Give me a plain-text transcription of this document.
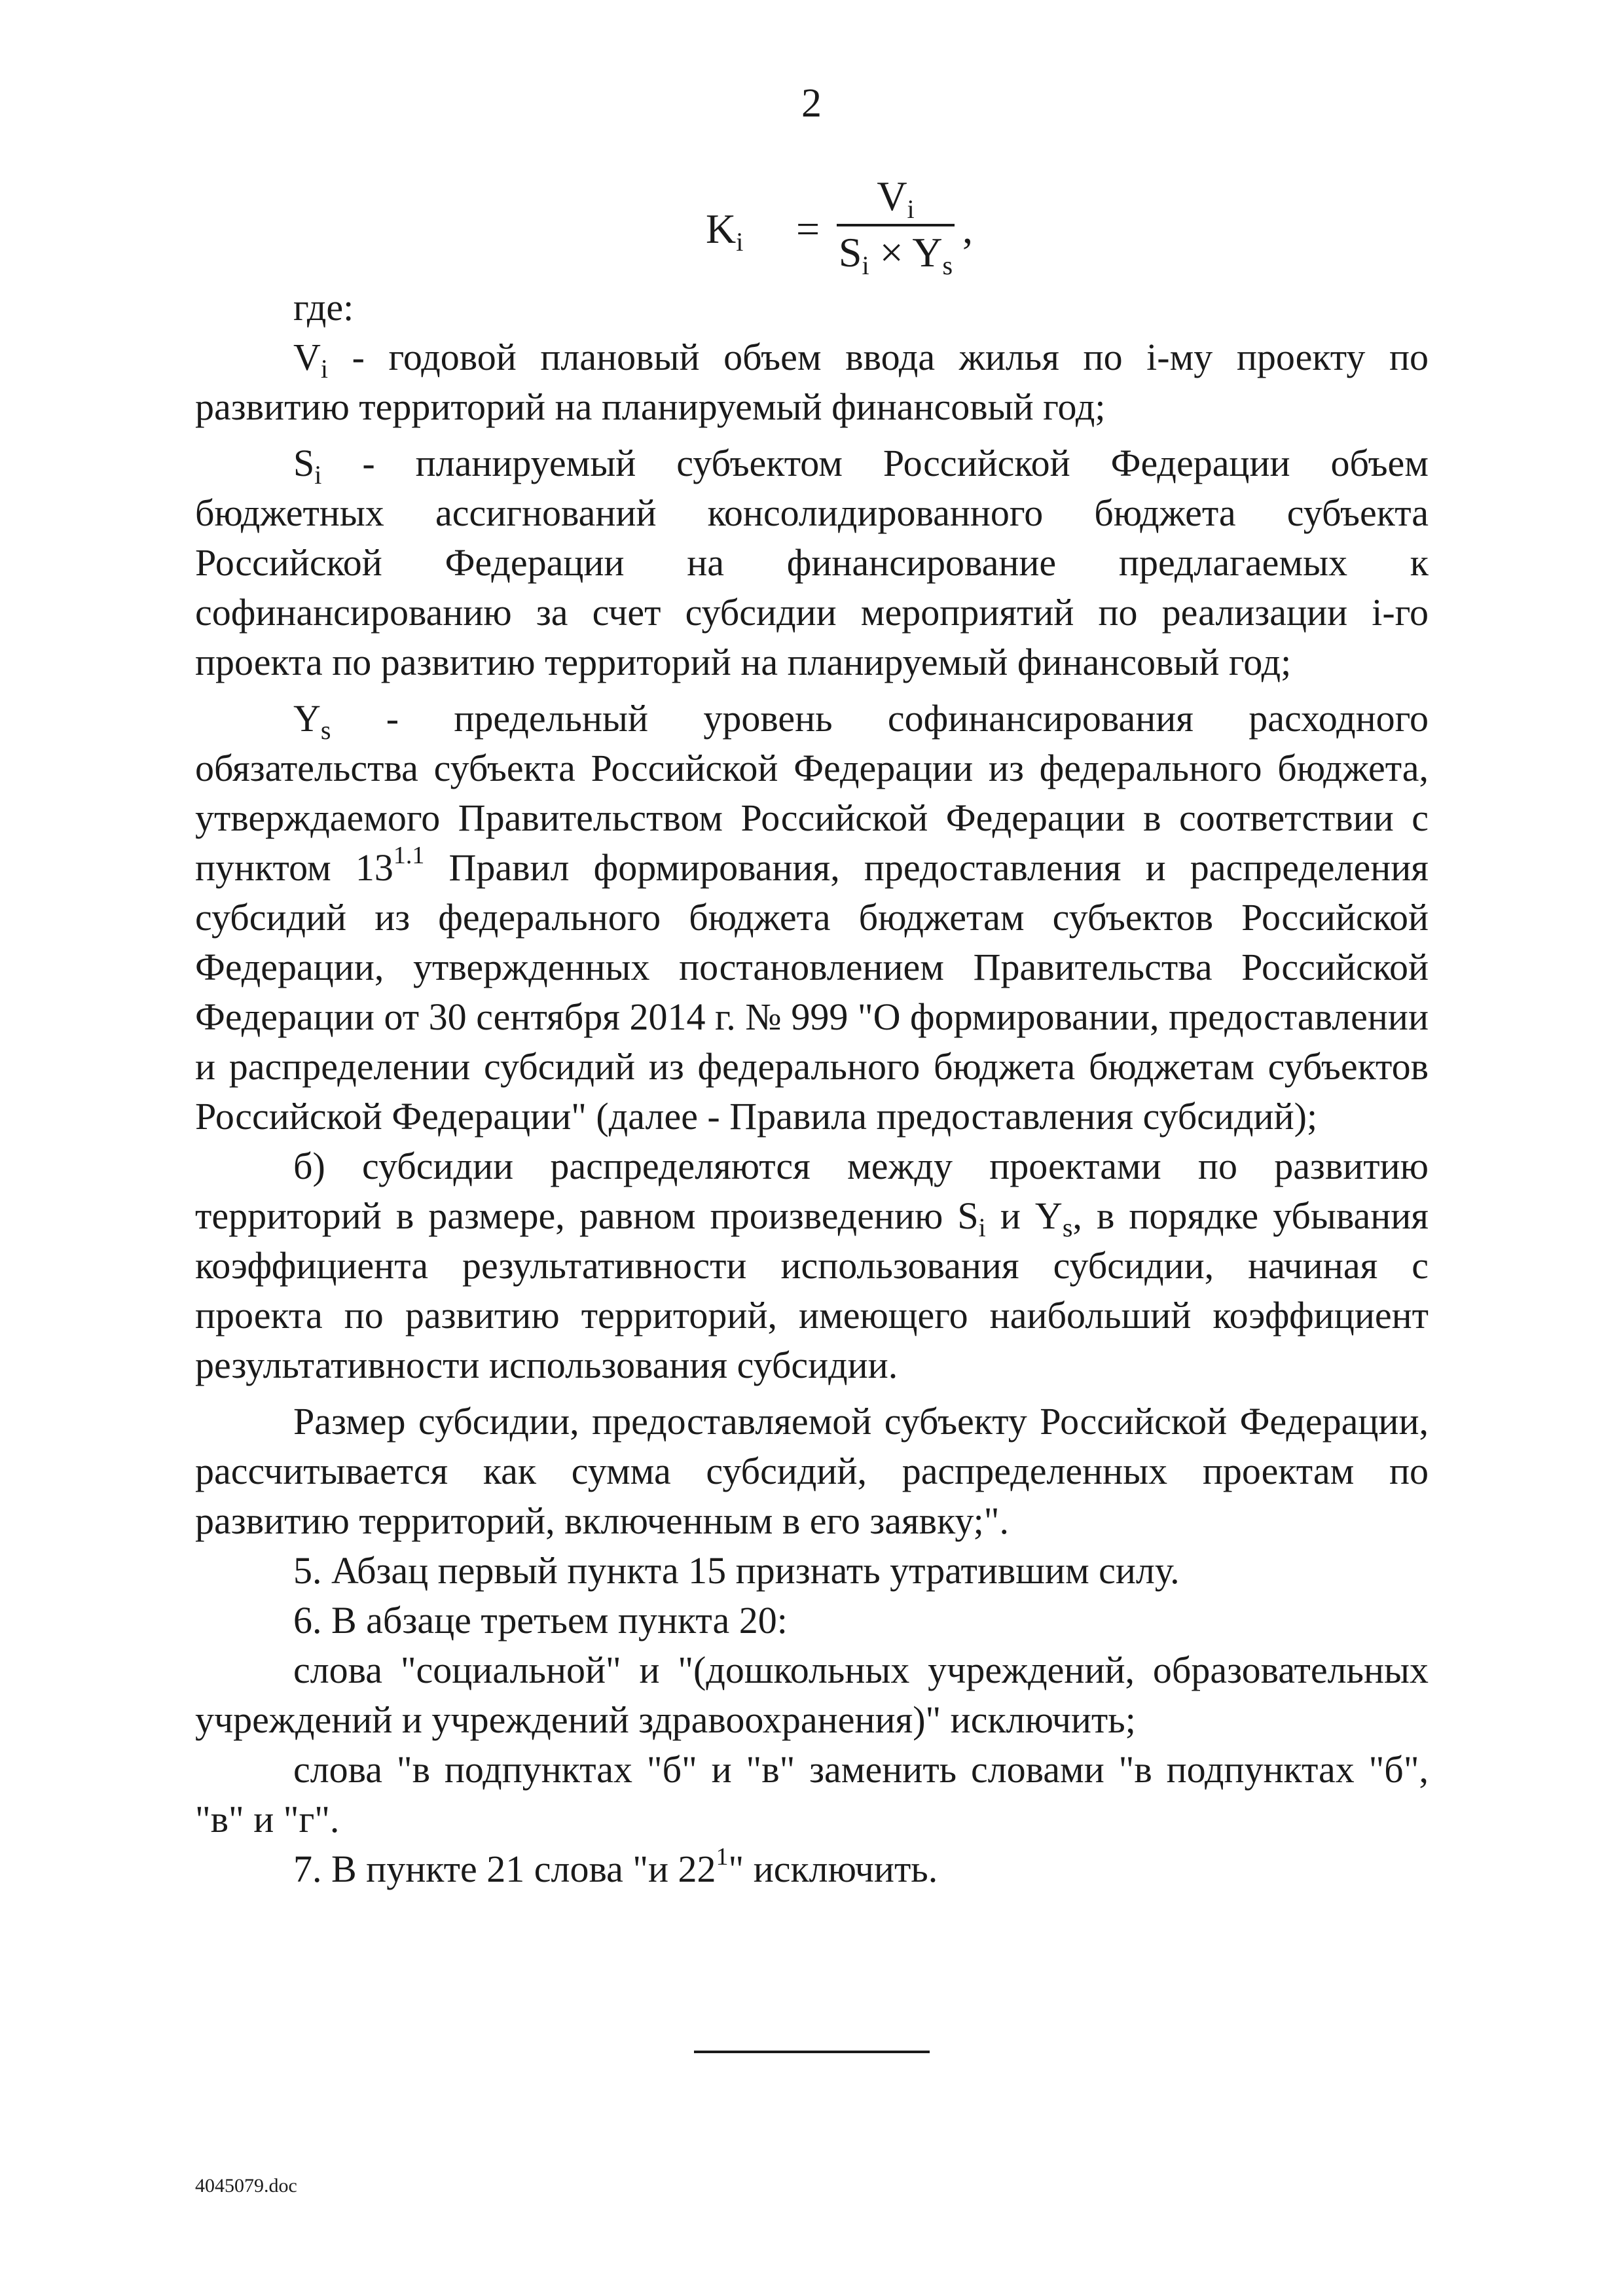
2
$K_i$ =
$V_i$
$S_i \times Y_s$
,

где:

$V_i$ - годовой плановый объем ввода жилья по i-му проекту по развитию территорий на планируемый финансовый год;

$S_i$ - планируемый субъектом Российской Федерации объем бюджетных ассигнований консолидированного бюджета субъекта Российской Федерации на финансирование предлагаемых к софинансированию за счет субсидии мероприятий по реализации i-го проекта по развитию территорий на планируемый финансовый год;

$Y_s$ - предельный уровень софинансирования расходного обязательства субъекта Российской Федерации из федерального бюджета, утверждаемого Правительством Российской Федерации в соответствии с пунктом $13^{1.1}$ Правил формирования, предоставления и распределения субсидий из федерального бюджета бюджетам субъектов Российской Федерации, утвержденных постановлением Правительства Российской Федерации от 30 сентября 2014 г. № 999 "О формировании, предоставлении и распределении субсидий из федерального бюджета бюджетам субъектов Российской Федерации" (далее - Правила предоставления субсидий);

б) субсидии распределяются между проектами по развитию территорий в размере, равном произведению $S_i$ и $Y_s$, в порядке убывания коэффициента результативности использования субсидии, начиная с проекта по развитию территорий, имеющего наибольший коэффициент результативности использования субсидии.

Размер субсидии, предоставляемой субъекту Российской Федерации, рассчитывается как сумма субсидий, распределенных проектам по развитию территорий, включенным в его заявку;".

5. Абзац первый пункта 15 признать утратившим силу.

6. В абзаце третьем пункта 20:

слова "социальной" и "(дошкольных учреждений, образовательных учреждений и учреждений здравоохранения)" исключить;

слова "в подпунктах "б" и "в" заменить словами "в подпунктах "б", "в" и "г".

7. В пункте 21 слова "и $22^1$" исключить.

4045079.doc
